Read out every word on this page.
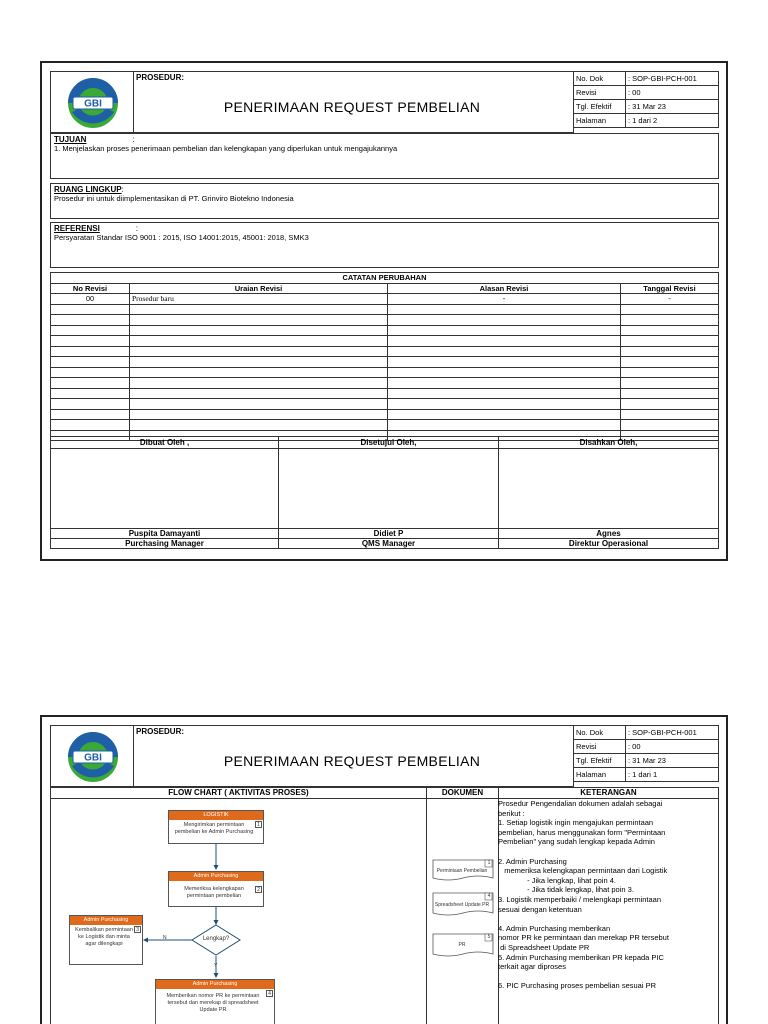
GBI
PROSEDUR:
PENERIMAAN REQUEST PEMBELIAN
No. Dok	: SOP-GBI-PCH-001
Revisi	: 00
Tgl. Efektif	: 31 Mar 23
Halaman	: 1 dari 2
TUJUAN	:
1. Menjelaskan proses penerimaan pembelian dan kelengkapan yang diperlukan untuk mengajukannya
RUANG LINGKUP:
Prosedur ini untuk diimplementasikan di PT. Grinviro Biotekno Indonesia
REFERENSI	:
Persyaratan Standar ISO 9001 : 2015, ISO 14001:2015, 45001: 2018, SMK3
CATATAN PERUBAHAN			
No Revisi	Uraian Revisi	Alasan Revisi	Tanggal Revisi
00	Prosedur baru	-	-

Dibuat Oleh ,	Disetujui Oleh,	Disahkan Oleh,

Puspita Damayanti	Didiet P	Agnes
Purchasing Manager	QMS Manager	Direktur Operasional
GBI
PROSEDUR:
PENERIMAAN REQUEST PEMBELIAN
No. Dok	: SOP-GBI-PCH-001
Revisi	: 00
Tgl. Efektif	: 31 Mar 23
Halaman	: 1 dari 1
FLOW CHART ( AKTIVITAS PROSES)	DOKUMEN	KETERANGAN
LOGISTIK
Mengirimkan permintaan pembelian ke Admin Purchasing
1
Admin Purchasing
Memeriksa kelengkapan permintaan pembelian
2
Admin Purchasing
Kembalikan permintaan ke Logistik dan minta agar dilengkapi
3
Lengkap?
N
Y
Admin Purchasing
Memberikan nomor PR ke permintaan tersebut dan merekap di spreadsheet Update PR
4
Permintaan Pembelian
1
Spreadsheet Update PR
4
PR
5
Prosedur Pengendalian dokumen adalah sebagai
berikut :
1. Setiap logistik ingin mengajukan permintaan
pembelian, harus menggunakan form "Permintaan
Pembelian" yang sudah lengkap kepada Admin
2. Admin Purchasing
memeriksa kelengkapan permintaan dari Logistik
- Jika lengkap, lihat poin 4.
- Jika tidak lengkap, lihat poin 3.
3. Logistik memperbaiki / melengkapi permintaan
sesuai dengan ketentuan
4. Admin Purchasing memberikan
nomor PR ke permintaan dan merekap PR tersebut
di Spreadsheet Update PR
5. Admin Purchasing memberikan PR kepada PIC
terkait agar diproses
6. PIC Purchasing proses pembelian sesuai PR
